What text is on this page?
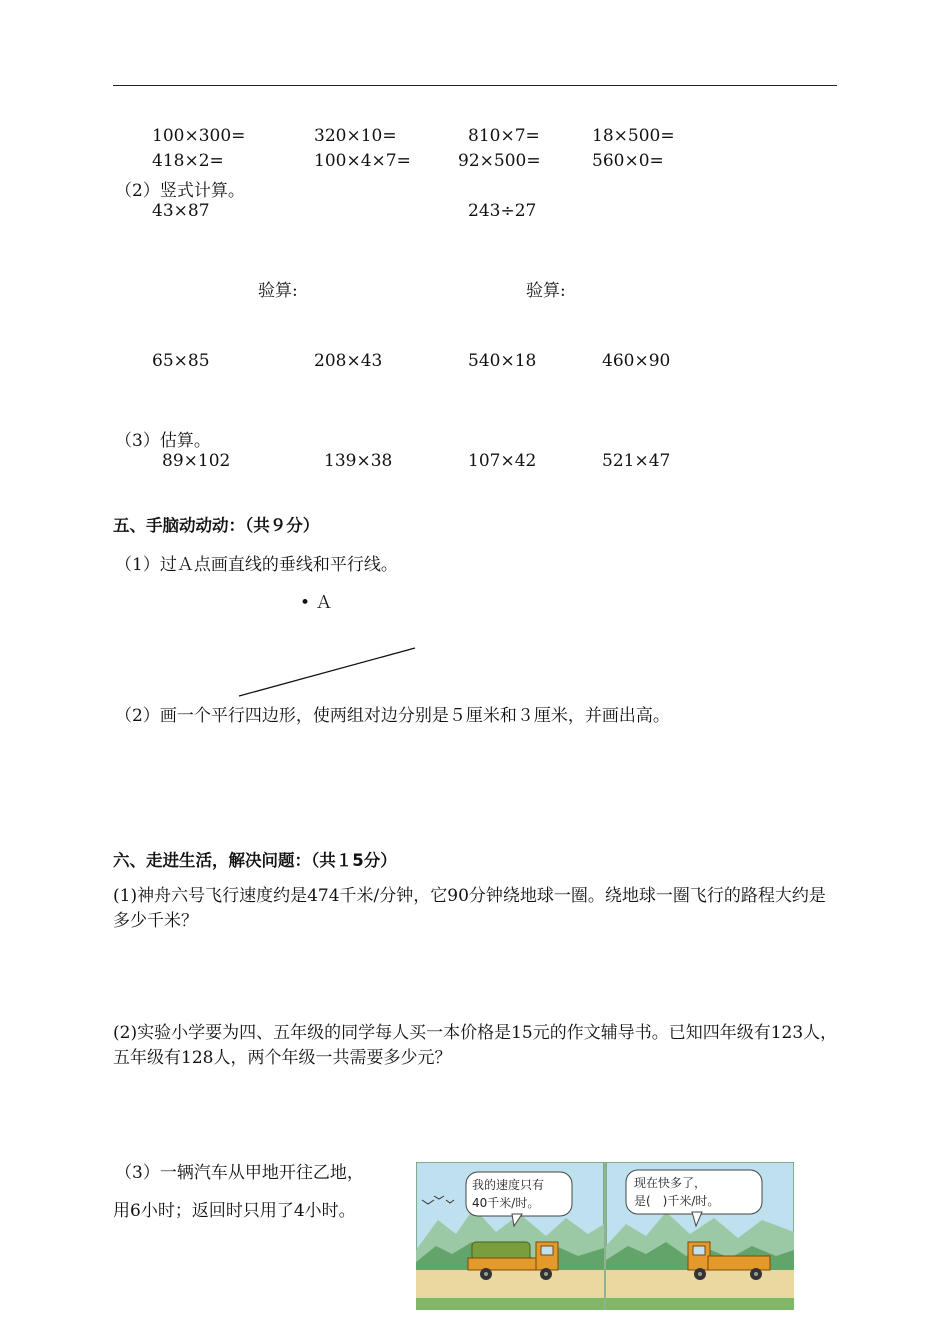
100×300=	320×10=	810×7=	18×500=
418×2=	100×4×7=	92×500=	560×0=
（2）竖式计算。
43×87	243÷27
验算:	验算:
65×85	208×43	540×18	460×90
（3）估算。
89×102	139×38	107×42	521×47
五、手脑动动动：（共９分）
（1）过Ａ点画直线的垂线和平行线。
• Ａ
（2）画一个平行四边形，使两组对边分别是５厘米和３厘米，并画出高。
六、走进生活，解决问题：（共１5分）
(1)神舟六号飞行速度约是474千米/分钟，它90分钟绕地球一圈。绕地球一圈飞行的路程大约是多少千米？
(2)实验小学要为四、五年级的同学每人买一本价格是15元的作文辅导书。已知四年级有123人，五年级有128人，两个年级一共需要多少元？
（3）一辆汽车从甲地开往乙地，
用6小时；返回时只用了4小时。
我的速度只有
40千米/时。
现在快多了，
是(　)千米/时。
